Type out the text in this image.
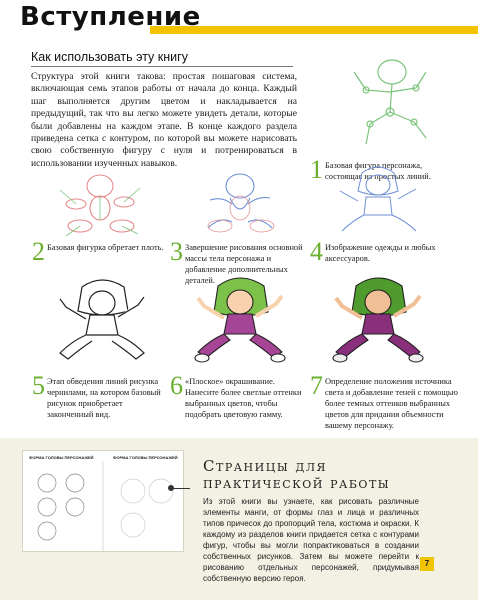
Вступление
Как использовать эту книгу
Структура этой книги такова: простая пошаговая система, включающая семь этапов работы от начала до конца. Каждый шаг выполняется другим цветом и накладывается на предыдущий, так что вы легко можете увидеть детали, которые были добавлены на каждом этапе. В конце каждого раздела приведена сетка с контуром, по которой вы можете нарисовать свою собственную фигуру с нуля и потренироваться в использовании изученных навыков.	1 Базовая фигура персонажа, состоящая из простых линий.
2 Базовая фигурка обретает плоть. 3 Завершение рисования основной массы тела персонажа и добавление дополнительных деталей.
4 Изображение одежды и любых аксессуаров.
5 Этап обведения линий рисунка чернилами, на котором базовый рисунок приобретает законченный вид.
6 «Плоское» окрашивание. Нанесите более светлые оттенки выбранных цветов, чтобы подобрать цветовую гамму.
7 Определение положения источника света и добавление теней с помощью более темных оттенков выбранных цветов для придания объемности вашему персонажу.
ФОРМА ГОЛОВЫ ПЕРСОНАЖЕЙ	ФОРМА ГОЛОВЫ ПЕРСОНАЖЕЙ Страницы для
практической работы
Из этой книги вы узнаете, как рисовать различные элементы манги, от формы глаз и лица и различных типов причесок до пропорций тела, костюма и окраски. К каждому из разделов книги придается сетка с контурами фигур, чтобы вы могли попрактиковаться в создании собственных рисунков. Затем вы можете перейти к рисованию отдельных персонажей, придумывая собственную версию героя.
7
